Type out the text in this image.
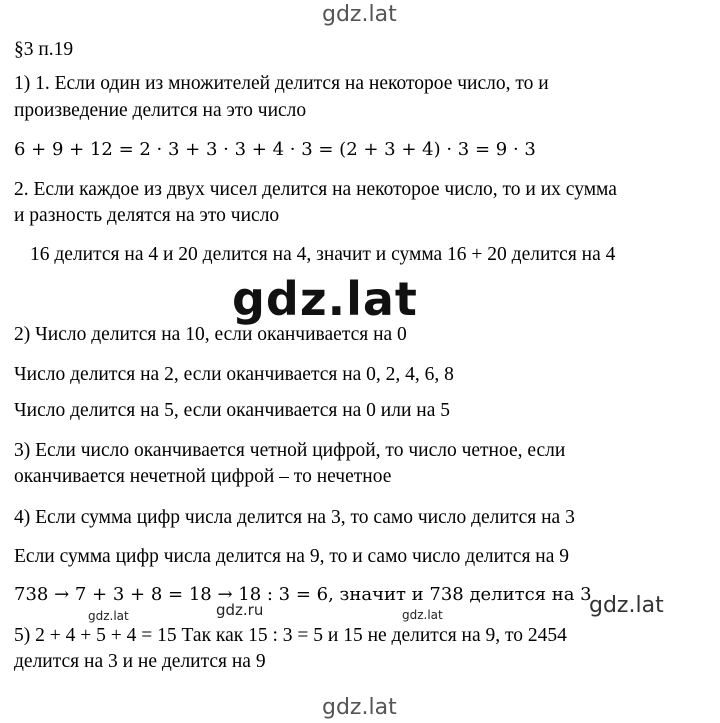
gdz.lat
§3 п.19
1) 1. Если один из множителей делится на некоторое число, то и
произведение делится на это число
6 + 9 + 12 = 2 · 3 + 3 · 3 + 4 · 3 = (2 + 3 + 4) · 3 = 9 · 3
2. Если каждое из двух чисел делится на некоторое число, то и их сумма
и разность делятся на это число
16 делится на 4 и 20 делится на 4, значит и сумма 16 + 20 делится на 4
gdz.lat
2) Число делится на 10, если оканчивается на 0
Число делится на 2, если оканчивается на 0, 2, 4, 6, 8
Число делится на 5, если оканчивается на 0 или на 5
3) Если число оканчивается четной цифрой, то число четное, если
оканчивается нечетной цифрой – то нечетное
4) Если сумма цифр числа делится на 3, то само число делится на 3
Если сумма цифр числа делится на 9, то и само число делится на 9
738 → 7 + 3 + 8 = 18 → 18 : 3 = 6, значит и 738 делится на 3
gdz.lat	gdz.ru	gdz.lat	gdz.lat
5) 2 + 4 + 5 + 4 = 15 Так как 15 : 3 = 5 и 15 не делится на 9, то 2454
делится на 3 и не делится на 9
gdz.lat
